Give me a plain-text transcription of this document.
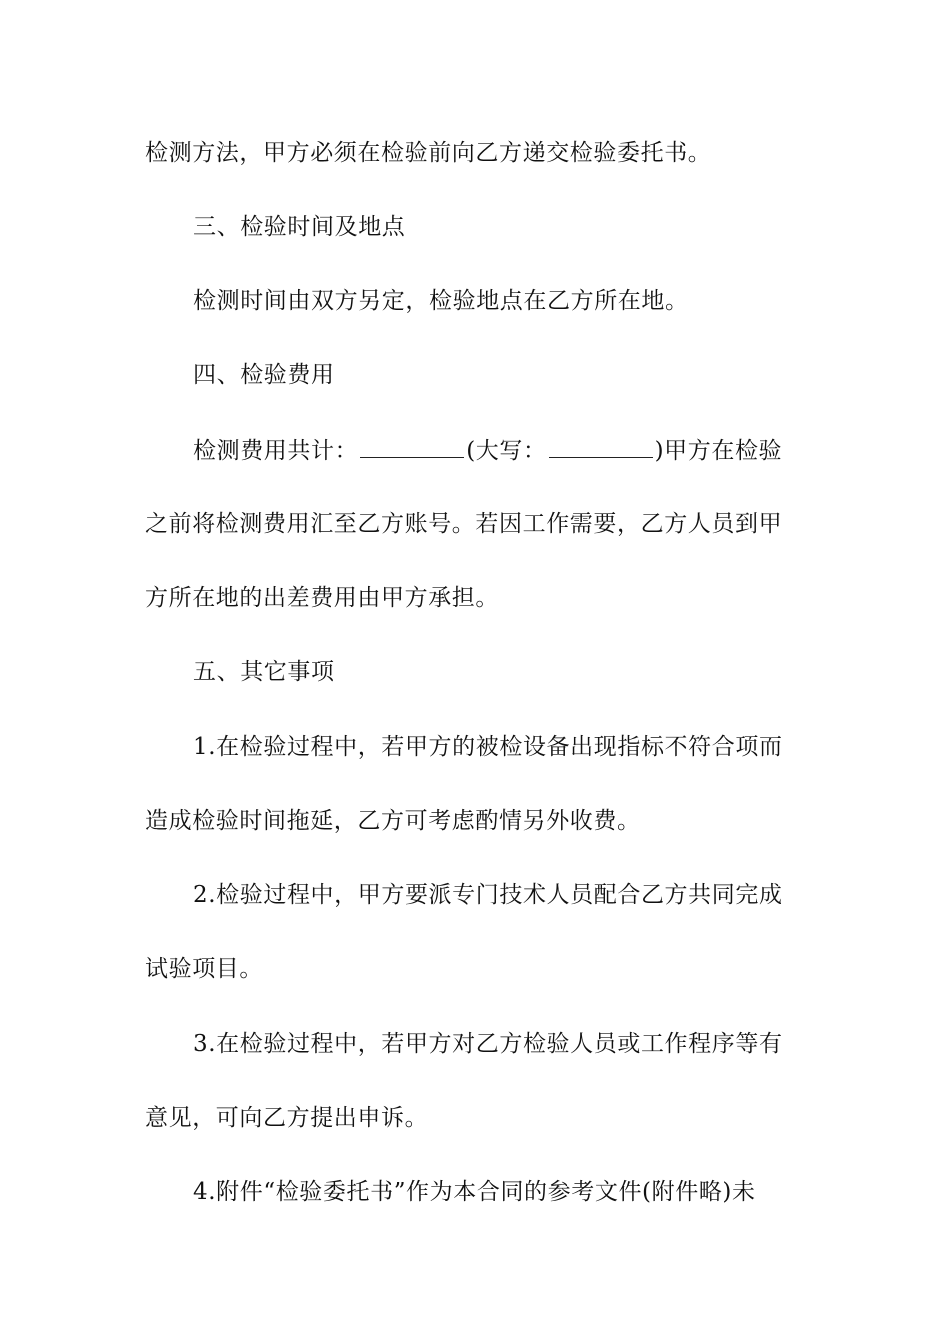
检测方法，甲方必须在检验前向乙方递交检验委托书。
三、检验时间及地点
检测时间由双方另定，检验地点在乙方所在地。
四、检验费用
检测费用共计：	(大写：	)甲方在检验
之前将检测费用汇至乙方账号。若因工作需要，乙方人员到甲
方所在地的出差费用由甲方承担。
五、其它事项
1.在检验过程中，若甲方的被检设备出现指标不符合项而
造成检验时间拖延，乙方可考虑酌情另外收费。
2.检验过程中，甲方要派专门技术人员配合乙方共同完成
试验项目。
3.在检验过程中，若甲方对乙方检验人员或工作程序等有
意见，可向乙方提出申诉。
4.附件“检验委托书”作为本合同的参考文件(附件略)未
